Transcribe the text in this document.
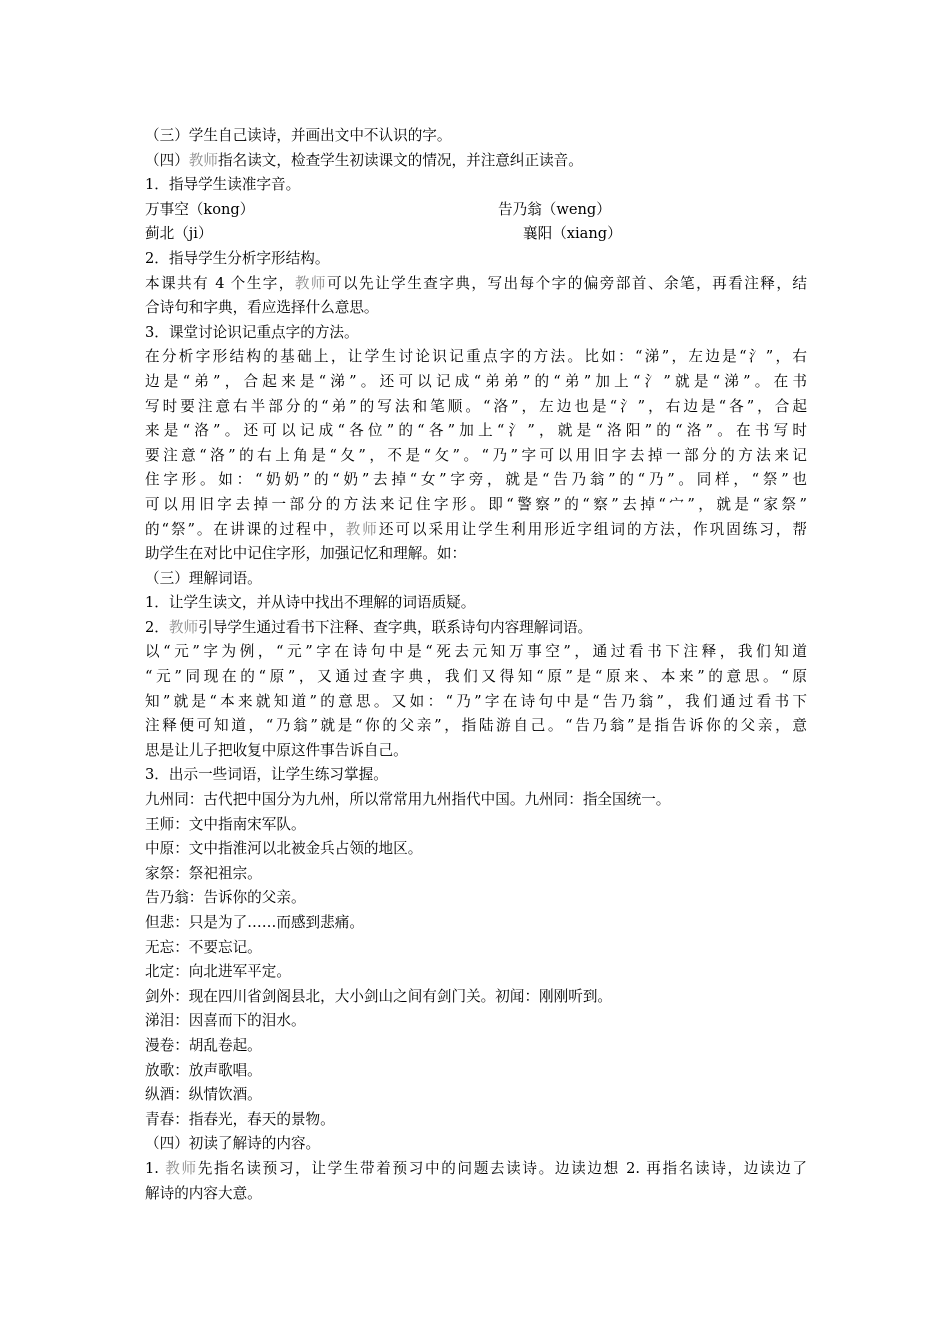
（三）学生自己读诗，并画出文中不认识的字。
（四）教师指名读文，检查学生初读课文的情况，并注意纠正读音。
1．指导学生读准字音。
万事空（kong）	告乃翁（weng）
蓟北（ji）	襄阳（xiang）
2．指导学生分析字形结构。
本课共有 4 个生字，教师可以先让学生查字典，写出每个字的偏旁部首、余笔，再看注释，结
合诗句和字典，看应选择什么意思。
3．课堂讨论识记重点字的方法。
在分析字形结构的基础上，让学生讨论识记重点字的方法。比如：“涕”，左边是“氵”，右
边是“弟”，合起来是“涕”。还可以记成“弟弟”的“弟”加上“氵”就是“涕”。在书
写时要注意右半部分的“弟”的写法和笔顺。“洛”，左边也是“氵”，右边是“各”，合起
来是“洛”。还可以记成“各位”的“各”加上“氵”，就是“洛阳”的“洛”。在书写时
要注意“洛”的右上角是“夂”，不是“攵”。“乃”字可以用旧字去掉一部分的方法来记
住字形。如：“奶奶”的“奶”去掉“女”字旁，就是“告乃翁”的“乃”。同样，“祭”也
可以用旧字去掉一部分的方法来记住字形。即“警察”的“察”去掉“宀”，就是“家祭”
的“祭”。在讲课的过程中，教师还可以采用让学生利用形近字组词的方法，作巩固练习，帮
助学生在对比中记住字形，加强记忆和理解。如：
（三）理解词语。
1．让学生读文，并从诗中找出不理解的词语质疑。
2．教师引导学生通过看书下注释、查字典，联系诗句内容理解词语。
以“元”字为例，“元”字在诗句中是“死去元知万事空”，通过看书下注释，我们知道
“元”同现在的“原”，又通过查字典，我们又得知“原”是“原来、本来”的意思。“原
知”就是“本来就知道”的意思。又如：“乃”字在诗句中是“告乃翁”，我们通过看书下
注释便可知道，“乃翁”就是“你的父亲”，指陆游自己。“告乃翁”是指告诉你的父亲，意
思是让儿子把收复中原这件事告诉自己。
3．出示一些词语，让学生练习掌握。
九州同：古代把中国分为九州，所以常常用九州指代中国。九州同：指全国统一。
王师：文中指南宋军队。
中原：文中指淮河以北被金兵占领的地区。
家祭：祭祀祖宗。
告乃翁：告诉你的父亲。
但悲：只是为了……而感到悲痛。
无忘：不要忘记。
北定：向北进军平定。
剑外：现在四川省剑阁县北，大小剑山之间有剑门关。初闻：刚刚听到。
涕泪：因喜而下的泪水。
漫卷：胡乱卷起。
放歌：放声歌唱。
纵酒：纵情饮酒。
青春：指春光，春天的景物。
（四）初读了解诗的内容。
1. 教师先指名读预习，让学生带着预习中的问题去读诗。边读边想 2. 再指名读诗，边读边了
解诗的内容大意。
